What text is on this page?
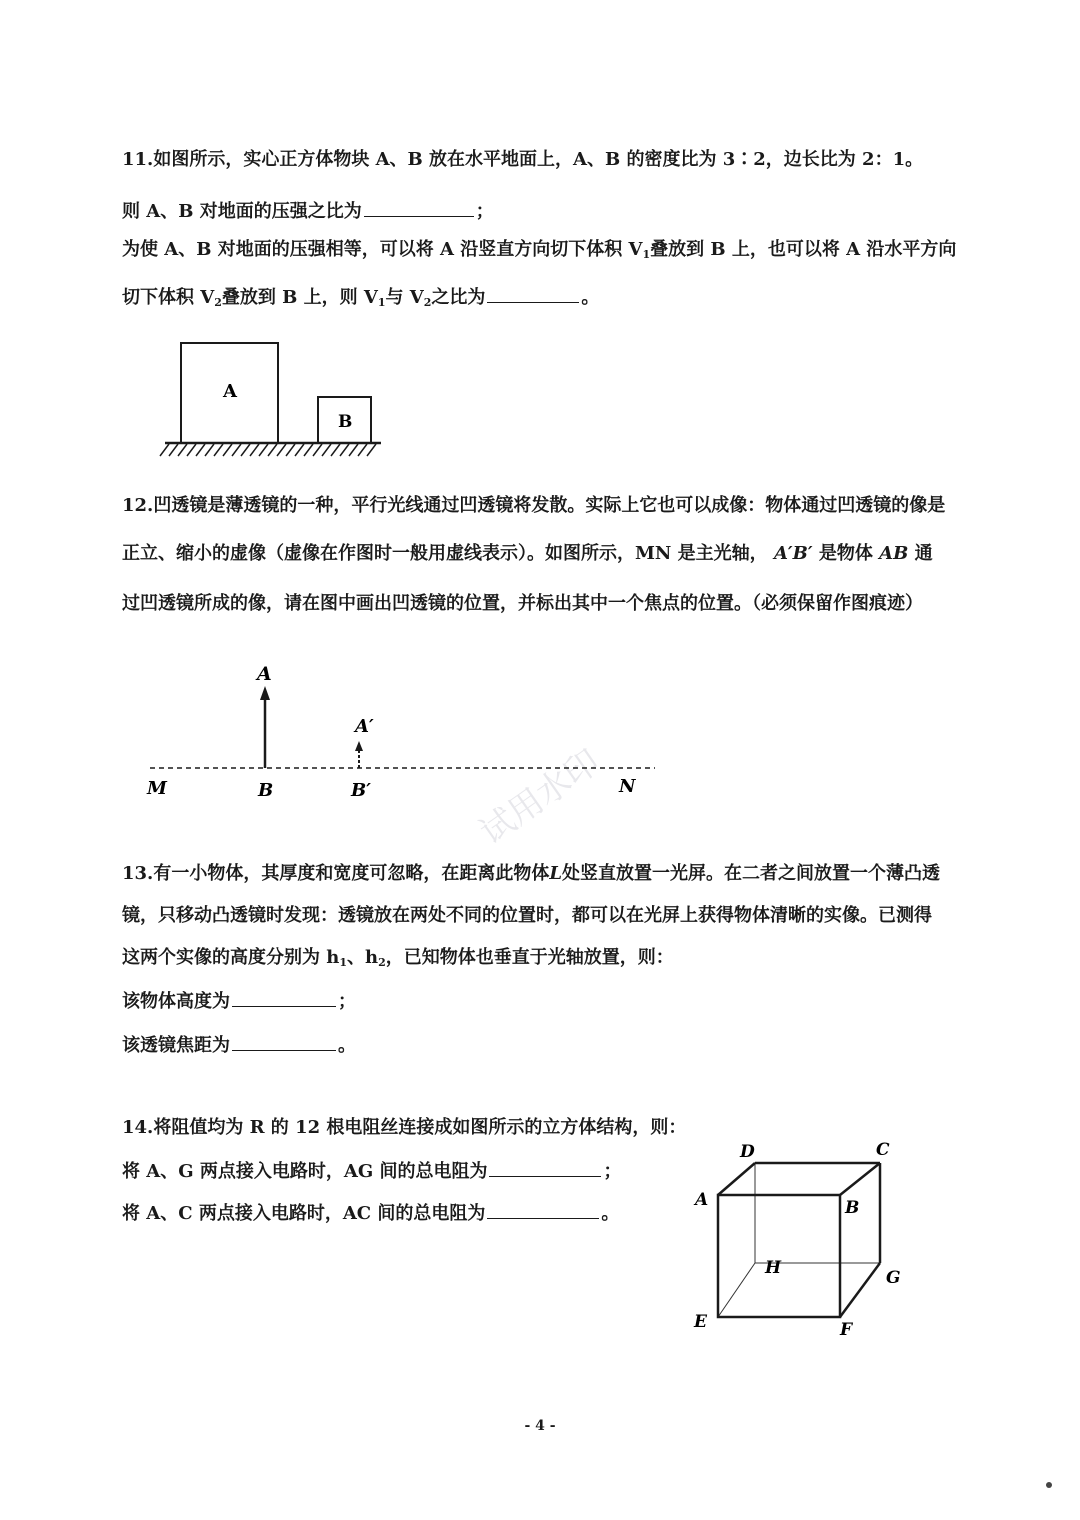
试用水印
11.如图所示，实心正方体物块 A、B 放在水平地面上，A、B 的密度比为 3∶2，边长比为 2：1。
则 A、B 对地面的压强之比为	；
为使 A、B 对地面的压强相等，可以将 A 沿竖直方向切下体积 $V_1$叠放到 B 上，也可以将 A 沿水平方向
切下体积 $V_2$叠放到 B 上，则 $V_1$与 $V_2$之比为	。
A
B
12.凹透镜是薄透镜的一种，平行光线通过凹透镜将发散。实际上它也可以成像：物体通过凹透镜的像是
正立、缩小的虚像（虚像在作图时一般用虚线表示）。如图所示，MN 是主光轴， A′B′ 是物体 AB 通
过凹透镜所成的像，请在图中画出凹透镜的位置，并标出其中一个焦点的位置。（必须保留作图痕迹）
A
A′
M	B	B′	N
13.有一小物体，其厚度和宽度可忽略，在距离此物体L处竖直放置一光屏。在二者之间放置一个薄凸透
镜，只移动凸透镜时发现：透镜放在两处不同的位置时，都可以在光屏上获得物体清晰的实像。已测得
这两个实像的高度分别为 $h_1$、$h_2$，已知物体也垂直于光轴放置，则：
该物体高度为	；
该透镜焦距为	。
14.将阻值均为 R 的 12 根电阻丝连接成如图所示的立方体结构，则：
将 A、G 两点接入电路时，AG 间的总电阻为	；
将 A、C 两点接入电路时，AC 间的总电阻为	。
D	C
A	B
H	G
E	F
- 4 -
